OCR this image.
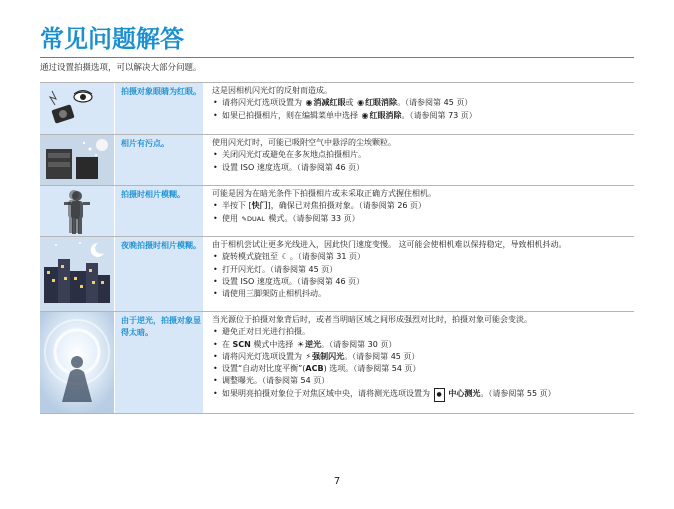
常见问题解答
通过设置拍摄选项，可以解决大部分问题。
拍摄对象眼睛为红眼。 这是因相机闪光灯的反射而造成。
• 请将闪光灯选项设置为 ◉消减红眼或 ◉红眼消除。（请参阅第 45 页）
• 如果已拍摄相片，则在编辑菜单中选择 ◉红眼消除。（请参阅第 73 页）
相片有污点。	使用闪光灯时，可能已吸附空气中悬浮的尘埃颗粒。
• 关闭闪光灯或避免在多灰地点拍摄相片。
• 设置 ISO 速度选项。（请参阅第 46 页）
拍摄时相片模糊。	可能是因为在暗光条件下拍摄相片或未采取正确方式握住相机。
• 半按下 [快门]，确保已对焦拍摄对象。（请参阅第 26 页）
• 使用 ✎DUAL 模式。（请参阅第 33 页）
夜晚拍摄时相片模糊。 由于相机尝试让更多光线进入，因此快门速度变慢。 这可能会使相机难以保持稳定，导致相机抖动。
• 旋转模式旋钮至 ☾。（请参阅第 31 页）
• 打开闪光灯。（请参阅第 45 页）
• 设置 ISO 速度选项。（请参阅第 46 页）
• 请使用三脚架防止相机抖动。
由于逆光，拍摄对象显得太暗。
当光源位于拍摄对象背后时，或者当明暗区域之间形成强烈对比时，拍摄对象可能会变淡。
• 避免正对日光进行拍摄。
• 在 SCN 模式中选择 ☀逆光。（请参阅第 30 页）
• 请将闪光灯选项设置为 ⚡强制闪光。（请参阅第 45 页）
• 设置“自动对比度平衡”(ACB) 选项。（请参阅第 54 页）
• 调整曝光。（请参阅第 54 页）
• 如果明亮拍摄对象位于对焦区域中央，请将测光选项设置为 ● 中心测光。（请参阅第 55 页）
7
